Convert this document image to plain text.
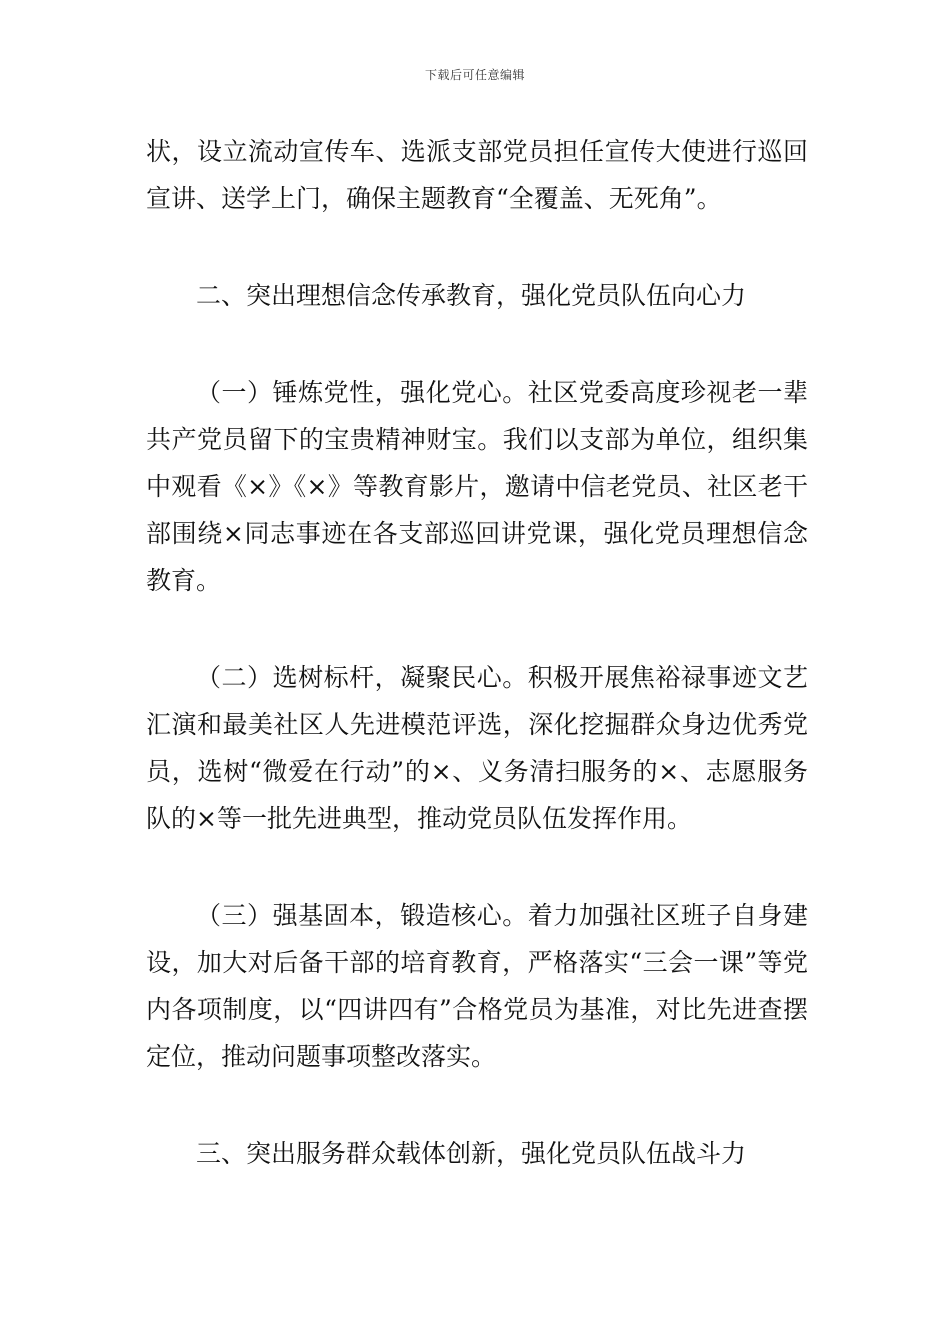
下载后可任意编辑

状，设立流动宣传车、选派支部党员担任宣传大使进行巡回宣讲、送学上门，确保主题教育“全覆盖、无死角”。

二、突出理想信念传承教育，强化党员队伍向心力

（一）锤炼党性，强化党心。社区党委高度珍视老一辈共产党员留下的宝贵精神财宝。我们以支部为单位，组织集中观看《×》《×》等教育影片，邀请中信老党员、社区老干部围绕×同志事迹在各支部巡回讲党课，强化党员理想信念教育。

（二）选树标杆，凝聚民心。积极开展焦裕禄事迹文艺汇演和最美社区人先进模范评选，深化挖掘群众身边优秀党员，选树“微爱在行动”的×、义务清扫服务的×、志愿服务队的×等一批先进典型，推动党员队伍发挥作用。

（三）强基固本，锻造核心。着力加强社区班子自身建设，加大对后备干部的培育教育，严格落实“三会一课”等党内各项制度，以“四讲四有”合格党员为基准，对比先进查摆定位，推动问题事项整改落实。

三、突出服务群众载体创新，强化党员队伍战斗力
